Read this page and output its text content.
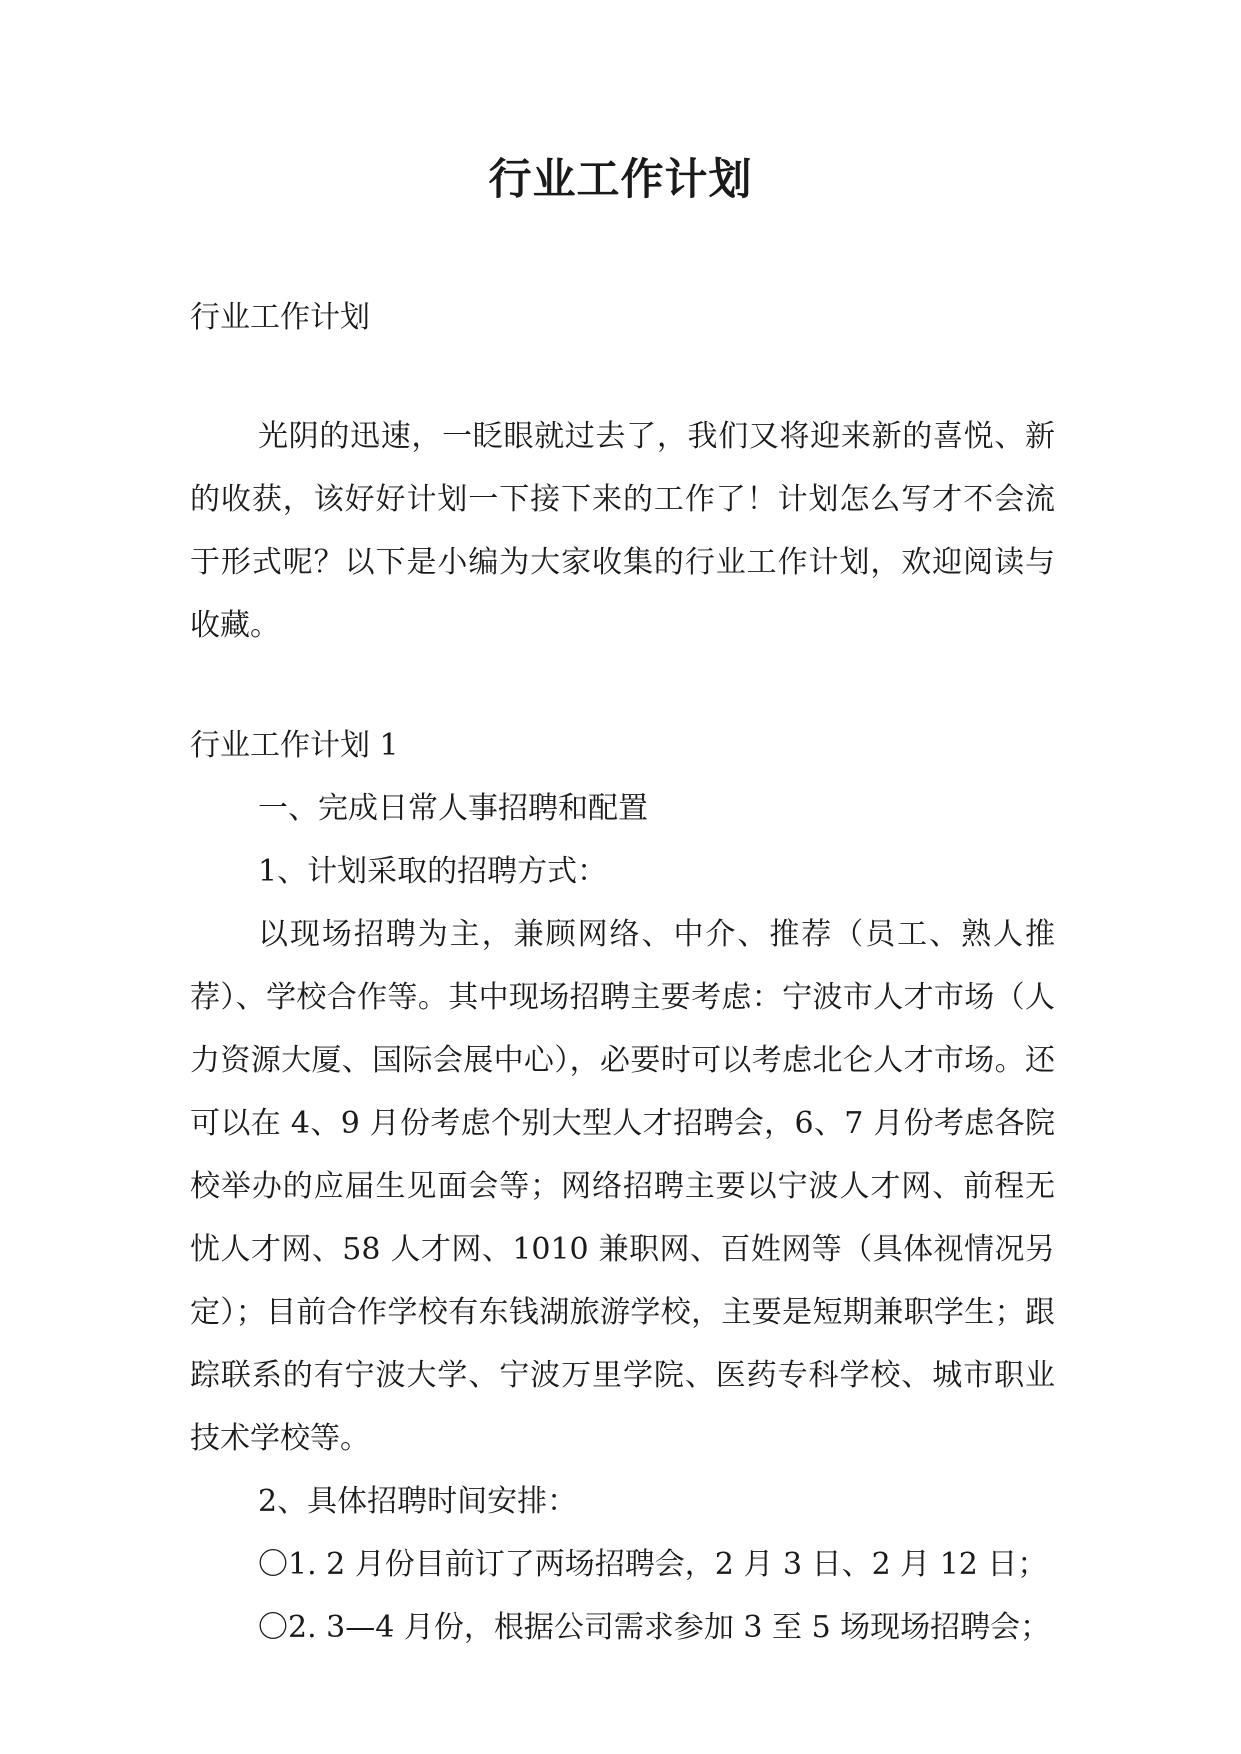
行业工作计划

行业工作计划

光阴的迅速，一眨眼就过去了，我们又将迎来新的喜悦、新的收获，该好好计划一下接下来的工作了！计划怎么写才不会流于形式呢？以下是小编为大家收集的行业工作计划，欢迎阅读与收藏。

行业工作计划 1

一、完成日常人事招聘和配置

1、计划采取的招聘方式：

以现场招聘为主，兼顾网络、中介、推荐（员工、熟人推荐）、学校合作等。其中现场招聘主要考虑：宁波市人才市场（人力资源大厦、国际会展中心），必要时可以考虑北仑人才市场。还可以在 4、9 月份考虑个别大型人才招聘会，6、7 月份考虑各院校举办的应届生见面会等；网络招聘主要以宁波人才网、前程无忧人才网、58 人才网、1010 兼职网、百姓网等（具体视情况另定）；目前合作学校有东钱湖旅游学校，主要是短期兼职学生；跟踪联系的有宁波大学、宁波万里学院、医药专科学校、城市职业技术学校等。

2、具体招聘时间安排：

〇1. 2 月份目前订了两场招聘会，2 月 3 日、2 月 12 日；

〇2. 3—4 月份，根据公司需求参加 3 至 5 场现场招聘会；
